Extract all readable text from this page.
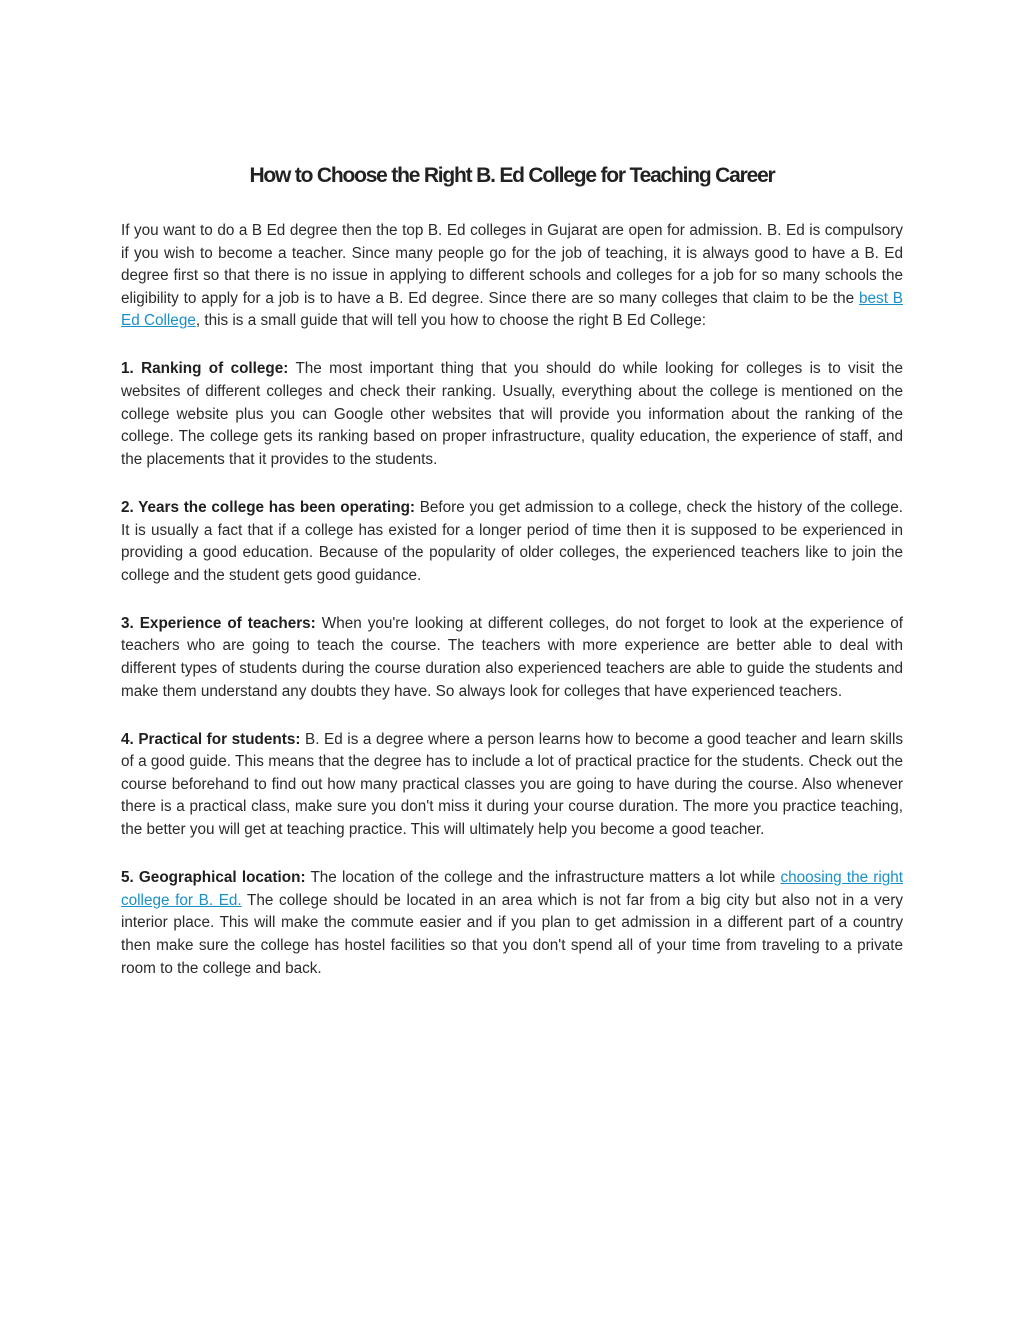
How to Choose the Right B. Ed College for Teaching Career

If you want to do a B Ed degree then the top B. Ed colleges in Gujarat are open for admission. B. Ed is compulsory if you wish to become a teacher. Since many people go for the job of teaching, it is always good to have a B. Ed degree first so that there is no issue in applying to different schools and colleges for a job for so many schools the eligibility to apply for a job is to have a B. Ed degree. Since there are so many colleges that claim to be the best B Ed College, this is a small guide that will tell you how to choose the right B Ed College:

1. Ranking of college: The most important thing that you should do while looking for colleges is to visit the websites of different colleges and check their ranking. Usually, everything about the college is mentioned on the college website plus you can Google other websites that will provide you information about the ranking of the college. The college gets its ranking based on proper infrastructure, quality education, the experience of staff, and the placements that it provides to the students.

2. Years the college has been operating: Before you get admission to a college, check the history of the college. It is usually a fact that if a college has existed for a longer period of time then it is supposed to be experienced in providing a good education. Because of the popularity of older colleges, the experienced teachers like to join the college and the student gets good guidance.

3. Experience of teachers: When you're looking at different colleges, do not forget to look at the experience of teachers who are going to teach the course. The teachers with more experience are better able to deal with different types of students during the course duration also experienced teachers are able to guide the students and make them understand any doubts they have. So always look for colleges that have experienced teachers.

4. Practical for students: B. Ed is a degree where a person learns how to become a good teacher and learn skills of a good guide. This means that the degree has to include a lot of practical practice for the students. Check out the course beforehand to find out how many practical classes you are going to have during the course. Also whenever there is a practical class, make sure you don't miss it during your course duration. The more you practice teaching, the better you will get at teaching practice. This will ultimately help you become a good teacher.

5. Geographical location: The location of the college and the infrastructure matters a lot while choosing the right college for B. Ed. The college should be located in an area which is not far from a big city but also not in a very interior place. This will make the commute easier and if you plan to get admission in a different part of a country then make sure the college has hostel facilities so that you don't spend all of your time from traveling to a private room to the college and back.
